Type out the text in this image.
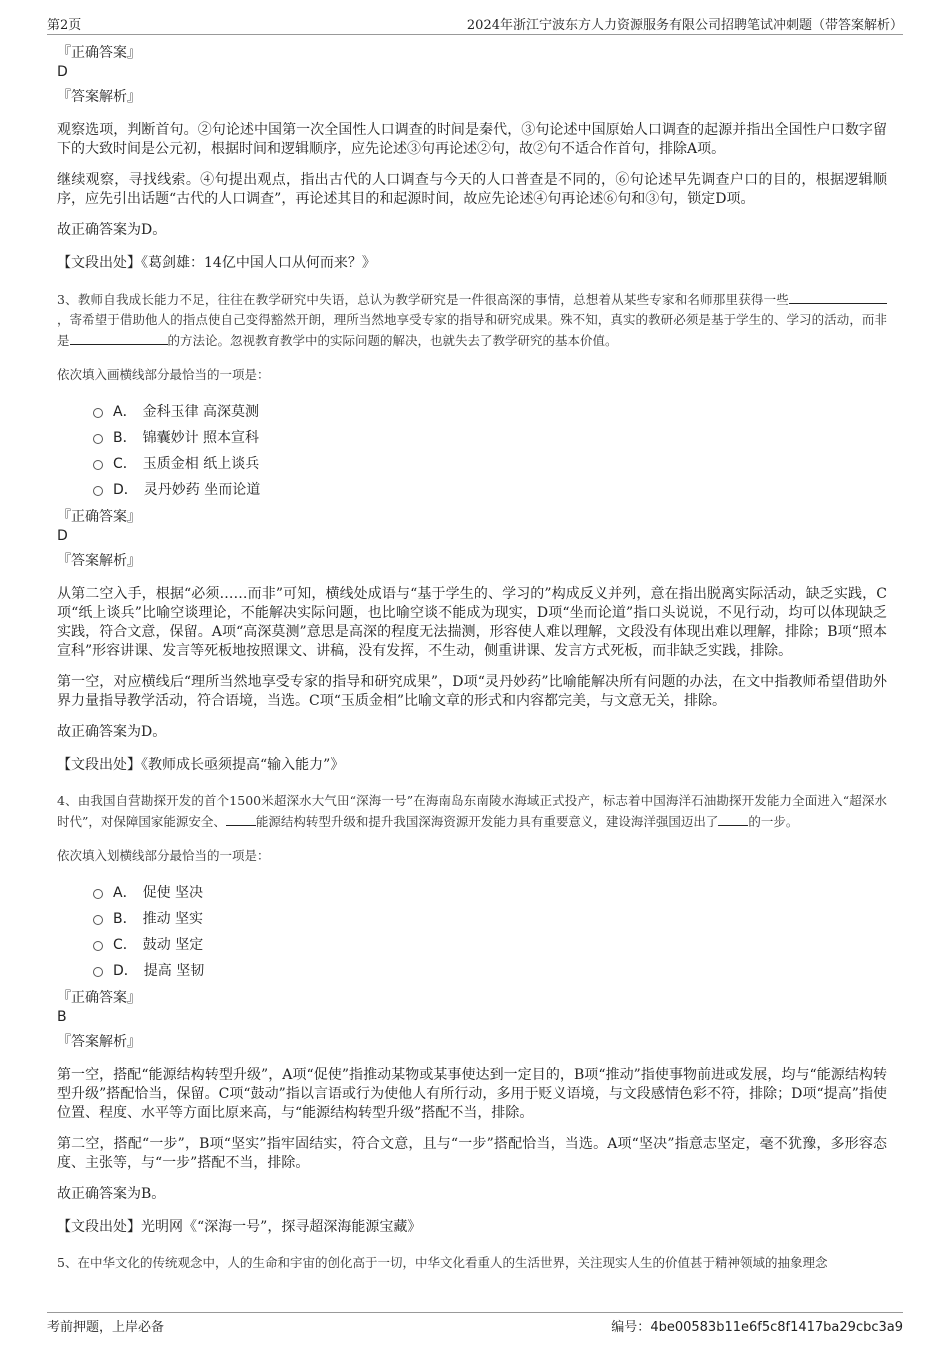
第2页	2024年浙江宁波东方人力资源服务有限公司招聘笔试冲刺题（带答案解析）

『正确答案』

D

『答案解析』

观察选项，判断首句。②句论述中国第一次全国性人口调查的时间是秦代，③句论述中国原始人口调查的起源并指出全国性户口数字留下的大致时间是公元初，根据时间和逻辑顺序，应先论述③句再论述②句，故②句不适合作首句，排除A项。

继续观察，寻找线索。④句提出观点，指出古代的人口调查与今天的人口普查是不同的，⑥句论述早先调查户口的目的，根据逻辑顺序，应先引出话题“古代的人口调查”，再论述其目的和起源时间，故应先论述④句再论述⑥句和③句，锁定D项。

故正确答案为D。

【文段出处】《葛剑雄：14亿中国人口从何而来？》

3、教师自我成长能力不足，往往在教学研究中失语，总认为教学研究是一件很高深的事情，总想着从某些专家和名师那里获得一些，寄希望于借助他人的指点使自己变得豁然开朗，理所当然地享受专家的指导和研究成果。殊不知，真实的教研必须是基于学生的、学习的活动，而非是	的方法论。忽视教育教学中的实际问题的解决，也就失去了教学研究的基本价值。

依次填入画横线部分最恰当的一项是：

A． 金科玉律 高深莫测
B． 锦囊妙计 照本宣科
C． 玉质金相 纸上谈兵
D． 灵丹妙药 坐而论道

『正确答案』

D

『答案解析』

从第二空入手，根据“必须……而非”可知，横线处成语与“基于学生的、学习的”构成反义并列，意在指出脱离实际活动，缺乏实践，C项“纸上谈兵”比喻空谈理论，不能解决实际问题，也比喻空谈不能成为现实，D项“坐而论道”指口头说说，不见行动，均可以体现缺乏实践，符合文意，保留。A项“高深莫测”意思是高深的程度无法揣测，形容使人难以理解，文段没有体现出难以理解，排除；B项“照本宣科”形容讲课、发言等死板地按照课文、讲稿，没有发挥，不生动，侧重讲课、发言方式死板，而非缺乏实践，排除。

第一空，对应横线后“理所当然地享受专家的指导和研究成果”，D项“灵丹妙药”比喻能解决所有问题的办法，在文中指教师希望借助外界力量指导教学活动，符合语境，当选。C项“玉质金相”比喻文章的形式和内容都完美，与文意无关，排除。

故正确答案为D。

【文段出处】《教师成长亟须提高“输入能力”》

4、由我国自营勘探开发的首个1500米超深水大气田“深海一号”在海南岛东南陵水海域正式投产，标志着中国海洋石油勘探开发能力全面进入“超深水时代”，对保障国家能源安全、 能源结构转型升级和提升我国深海资源开发能力具有重要意义，建设海洋强国迈出了 的一步。

依次填入划横线部分最恰当的一项是：

A． 促使 坚决
B． 推动 坚实
C． 鼓动 坚定
D． 提高 坚韧

『正确答案』

B

『答案解析』

第一空，搭配“能源结构转型升级”，A项“促使”指推动某物或某事使达到一定目的，B项“推动”指使事物前进或发展，均与“能源结构转型升级”搭配恰当，保留。C项“鼓动”指以言语或行为使他人有所行动，多用于贬义语境，与文段感情色彩不符，排除；D项“提高”指使位置、程度、水平等方面比原来高，与“能源结构转型升级”搭配不当，排除。

第二空，搭配“一步”，B项“坚实”指牢固结实，符合文意，且与“一步”搭配恰当，当选。A项“坚决”指意志坚定，毫不犹豫，多形容态度、主张等，与“一步”搭配不当，排除。

故正确答案为B。

【文段出处】光明网《“深海一号”，探寻超深海能源宝藏》

5、在中华文化的传统观念中，人的生命和宇宙的创化高于一切，中华文化看重人的生活世界，关注现实人生的价值甚于精神领域的抽象理念

考前押题，上岸必备	编号：4be00583b11e6f5c8f1417ba29cbc3a9
